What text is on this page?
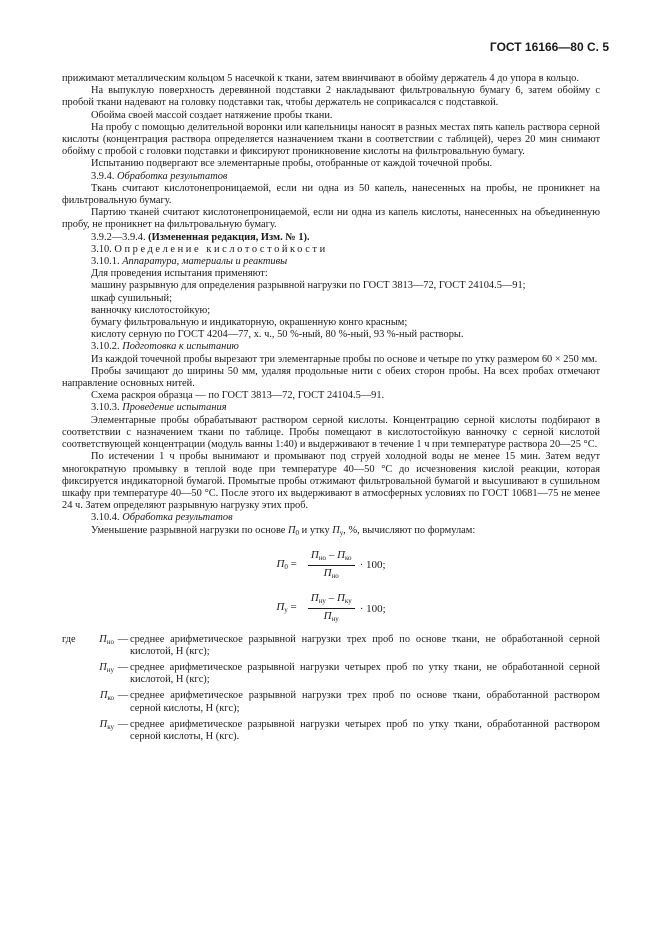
ГОСТ 16166—80 С. 5
прижимают металлическим кольцом 5 насечкой к ткани, затем ввинчивают в обойму держатель 4 до упора в кольцо.
На выпуклую поверхность деревянной подставки 2 накладывают фильтровальную бумагу 6, затем обойму с пробой ткани надевают на головку подставки так, чтобы держатель не соприкасался с подставкой.
Обойма своей массой создает натяжение пробы ткани.
На пробу с помощью делительной воронки или капельницы наносят в разных местах пять капель раствора серной кислоты (концентрация раствора определяется назначением ткани в соответствии с таблицей), через 20 мин снимают обойму с пробой с головки подставки и фиксируют проникновение кислоты на фильтровальную бумагу.
Испытанию подвергают все элементарные пробы, отобранные от каждой точечной пробы.
3.9.4. Обработка результатов
Ткань считают кислотонепроницаемой, если ни одна из 50 капель, нанесенных на пробы, не проникнет на фильтровальную бумагу.
Партию тканей считают кислотонепроницаемой, если ни одна из капель кислоты, нанесенных на объединенную пробу, не проникнет на фильтровальную бумагу.
3.9.2—3.9.4. (Измененная редакция, Изм. № 1).
3.10. Определение кислотостойкости
3.10.1. Аппаратура, материалы и реактивы
Для проведения испытания применяют:
машину разрывную для определения разрывной нагрузки по ГОСТ 3813—72, ГОСТ 24104.5—91;
шкаф сушильный;
ванночку кислотостойкую;
бумагу фильтровальную и индикаторную, окрашенную конго красным;
кислоту серную по ГОСТ 4204—77, х. ч., 50 %-ный, 80 %-ный, 93 %-ный растворы.
3.10.2. Подготовка к испытанию
Из каждой точечной пробы вырезают три элементарные пробы по основе и четыре по утку размером 60 × 250 мм.
Пробы зачищают до ширины 50 мм, удаляя продольные нити с обеих сторон пробы. На всех пробах отмечают направление основных нитей.
Схема раскроя образца — по ГОСТ 3813—72, ГОСТ 24104.5—91.
3.10.3. Проведение испытания
Элементарные пробы обрабатывают раствором серной кислоты. Концентрацию серной кислоты подбирают в соответствии с назначением ткани по таблице. Пробы помещают в кислотостойкую ванночку с серной кислотой соответствующей концентрации (модуль ванны 1:40) и выдерживают в течение 1 ч при температуре раствора 20—25 °С.
По истечении 1 ч пробы вынимают и промывают под струей холодной воды не менее 15 мин. Затем ведут многократную промывку в теплой воде при температуре 40—50 °С до исчезновения кислой реакции, которая фиксируется индикаторной бумагой. Промытые пробы отжимают фильтровальной бумагой и высушивают в сушильном шкафу при температуре 40—50 °С. После этого их выдерживают в атмосферных условиях по ГОСТ 10681—75 не менее 24 ч. Затем определяют разрывную нагрузку этих проб.
3.10.4. Обработка результатов
Уменьшение разрывной нагрузки по основе $П_0$ и утку $П_у$, %, вычисляют по формулам:
$П_0 = \frac{П_{но} - П_{ко}}{П_{но}} \cdot 100$;
$П_у = \frac{П_{ну} - П_{ку}}{П_{ну}} \cdot 100$;
где	$П_{но}$	—	среднее арифметическое разрывной нагрузки трех проб по основе ткани, не обработанной серной кислотой, Н (кгс);
	$П_{ну}$	—	среднее арифметическое разрывной нагрузки четырех проб по утку ткани, не обработанной серной кислотой, Н (кгс);
	$П_{ко}$	—	среднее арифметическое разрывной нагрузки трех проб по основе ткани, обработанной раствором серной кислоты, Н (кгс);
	$П_{ку}$	—	среднее арифметическое разрывной нагрузки четырех проб по утку ткани, обработанной раствором серной кислоты, Н (кгс).
